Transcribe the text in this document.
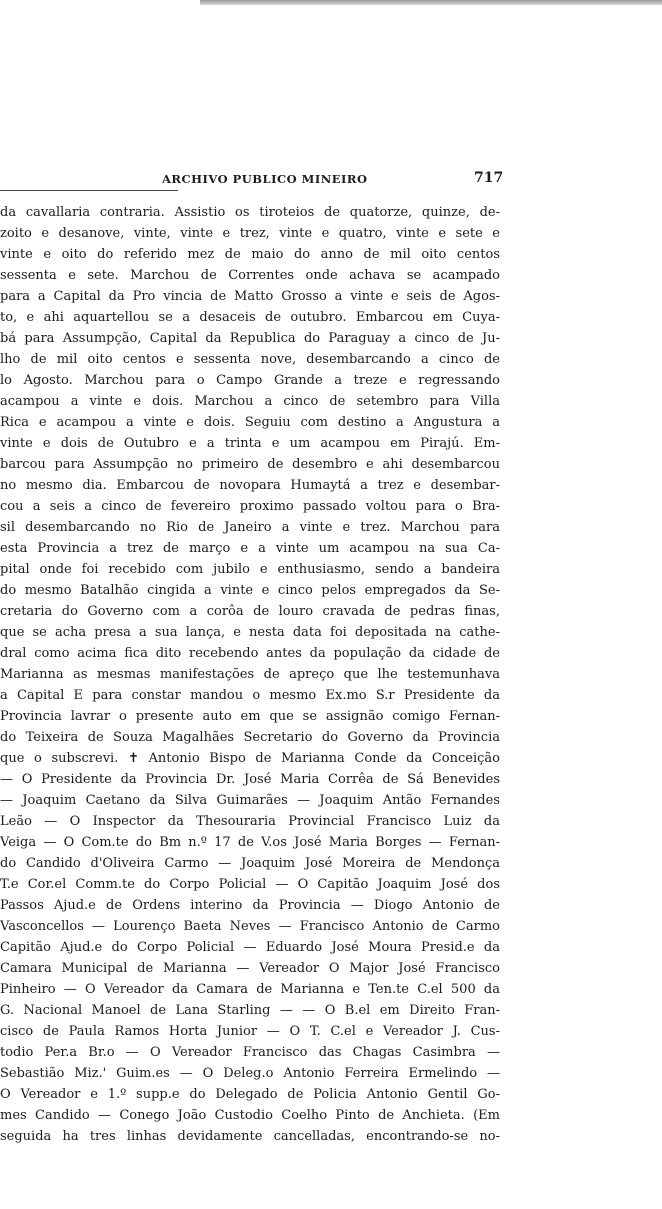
ARCHIVO PUBLICO MINEIRO	717
da cavallaria contraria. Assistio os tiroteios de quatorze, quinze, de-
zoito e desanove, vinte, vinte e trez, vinte e quatro, vinte e sete e
vinte e oito do referido mez de maio do anno de mil oito centos
sessenta e sete. Marchou de Correntes onde achava se acampado
para a Capital da Pro vincia de Matto Grosso a vinte e seis de Agos-
to, e ahi aquartellou se a desaceis de outubro. Embarcou em Cuya-
bá para Assumpção, Capital da Republica do Paraguay a cinco de Ju-
lho de mil oito centos e sessenta nove, desembarcando a cinco de
lo Agosto. Marchou para o Campo Grande a treze e regressando
acampou a vinte e dois. Marchou a cinco de setembro para Villa
Rica e acampou a vinte e dois. Seguiu com destino a Angustura a
vinte e dois de Outubro e a trinta e um acampou em Pirajú. Em-
barcou para Assumpção no primeiro de desembro e ahi desembarcou
no mesmo dia. Embarcou de novopara Humaytá a trez e desembar-
cou a seis a cinco de fevereiro proximo passado voltou para o Bra-
sil desembarcando no Rio de Janeiro a vinte e trez. Marchou para
esta Provincia a trez de março e a vinte um acampou na sua Ca-
pital onde foi recebido com jubilo e enthusiasmo, sendo a bandeira
do mesmo Batalhão cingida a vinte e cinco pelos empregados da Se-
cretaria do Governo com a corôa de louro cravada de pedras finas,
que se acha presa a sua lança, e nesta data foi depositada na cathe-
dral como acima fica dito recebendo antes da população da cidade de
Marianna as mesmas manifestações de apreço que lhe testemunhava
a Capital E para constar mandou o mesmo Ex.mo S.r Presidente da
Provincia lavrar o presente auto em que se assignão comigo Fernan-
do Teixeira de Souza Magalhães Secretario do Governo da Provincia
que o subscrevi. ✝ Antonio Bispo de Marianna Conde da Conceição
— O Presidente da Provincia Dr. José Maria Corrêa de Sá Benevides
— Joaquim Caetano da Silva Guimarães — Joaquim Antão Fernandes
Leão — O Inspector da Thesouraria Provincial Francisco Luiz da
Veiga — O Com.te do Bm n.º 17 de V.os José Maria Borges — Fernan-
do Candido d'Oliveira Carmo — Joaquim José Moreira de Mendonça
T.e Cor.el Comm.te do Corpo Policial — O Capitão Joaquim José dos
Passos Ajud.e de Ordens interino da Provincia — Diogo Antonio de
Vasconcellos — Lourenço Baeta Neves — Francisco Antonio de Carmo
Capitão Ajud.e do Corpo Policial — Eduardo José Moura Presid.e da
Camara Municipal de Marianna — Vereador O Major José Francisco
Pinheiro — O Vereador da Camara de Marianna e Ten.te C.el 500 da
G. Nacional Manoel de Lana Starling — — O B.el em Direito Fran-
cisco de Paula Ramos Horta Junior — O T. C.el e Vereador J. Cus-
todio Per.a Br.o — O Vereador Francisco das Chagas Casimbra —
Sebastião Miz.' Guim.es — O Deleg.o Antonio Ferreira Ermelindo —
O Vereador e 1.º supp.e do Delegado de Policia Antonio Gentil Go-
mes Candido — Conego João Custodio Coelho Pinto de Anchieta. (Em
seguida ha tres linhas devidamente cancelladas, encontrando-se no-
